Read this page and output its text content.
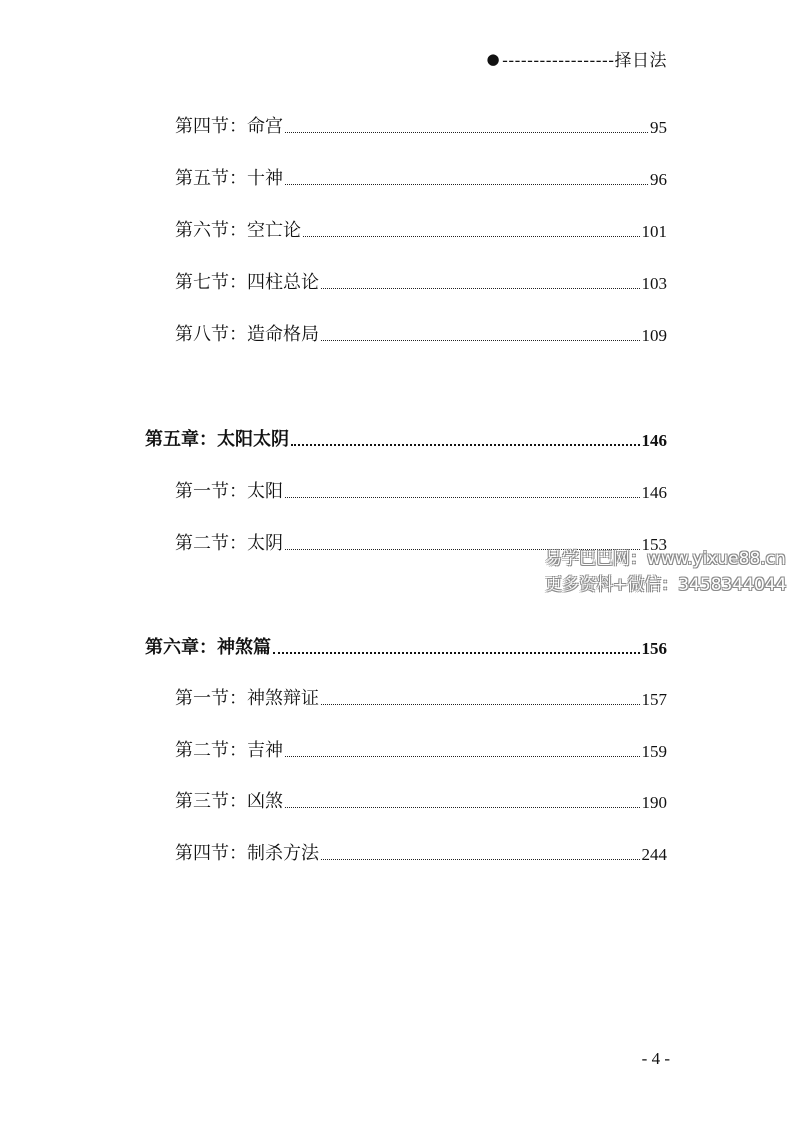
● ------------------择日法
第四节：命宫	95
第五节：十神	96
第六节：空亡论	101
第七节：四柱总论	103
第八节：造命格局	109
第五章：太阳太阴	146
第一节：太阳	146
第二节：太阴	153
易学巴巴网：www.yixue88.cn
更多资料+微信：3458344044
第六章：神煞篇	156
第一节：神煞辩证	157
第二节：吉神	159
第三节：凶煞	190
第四节：制杀方法	244
- 4 -
